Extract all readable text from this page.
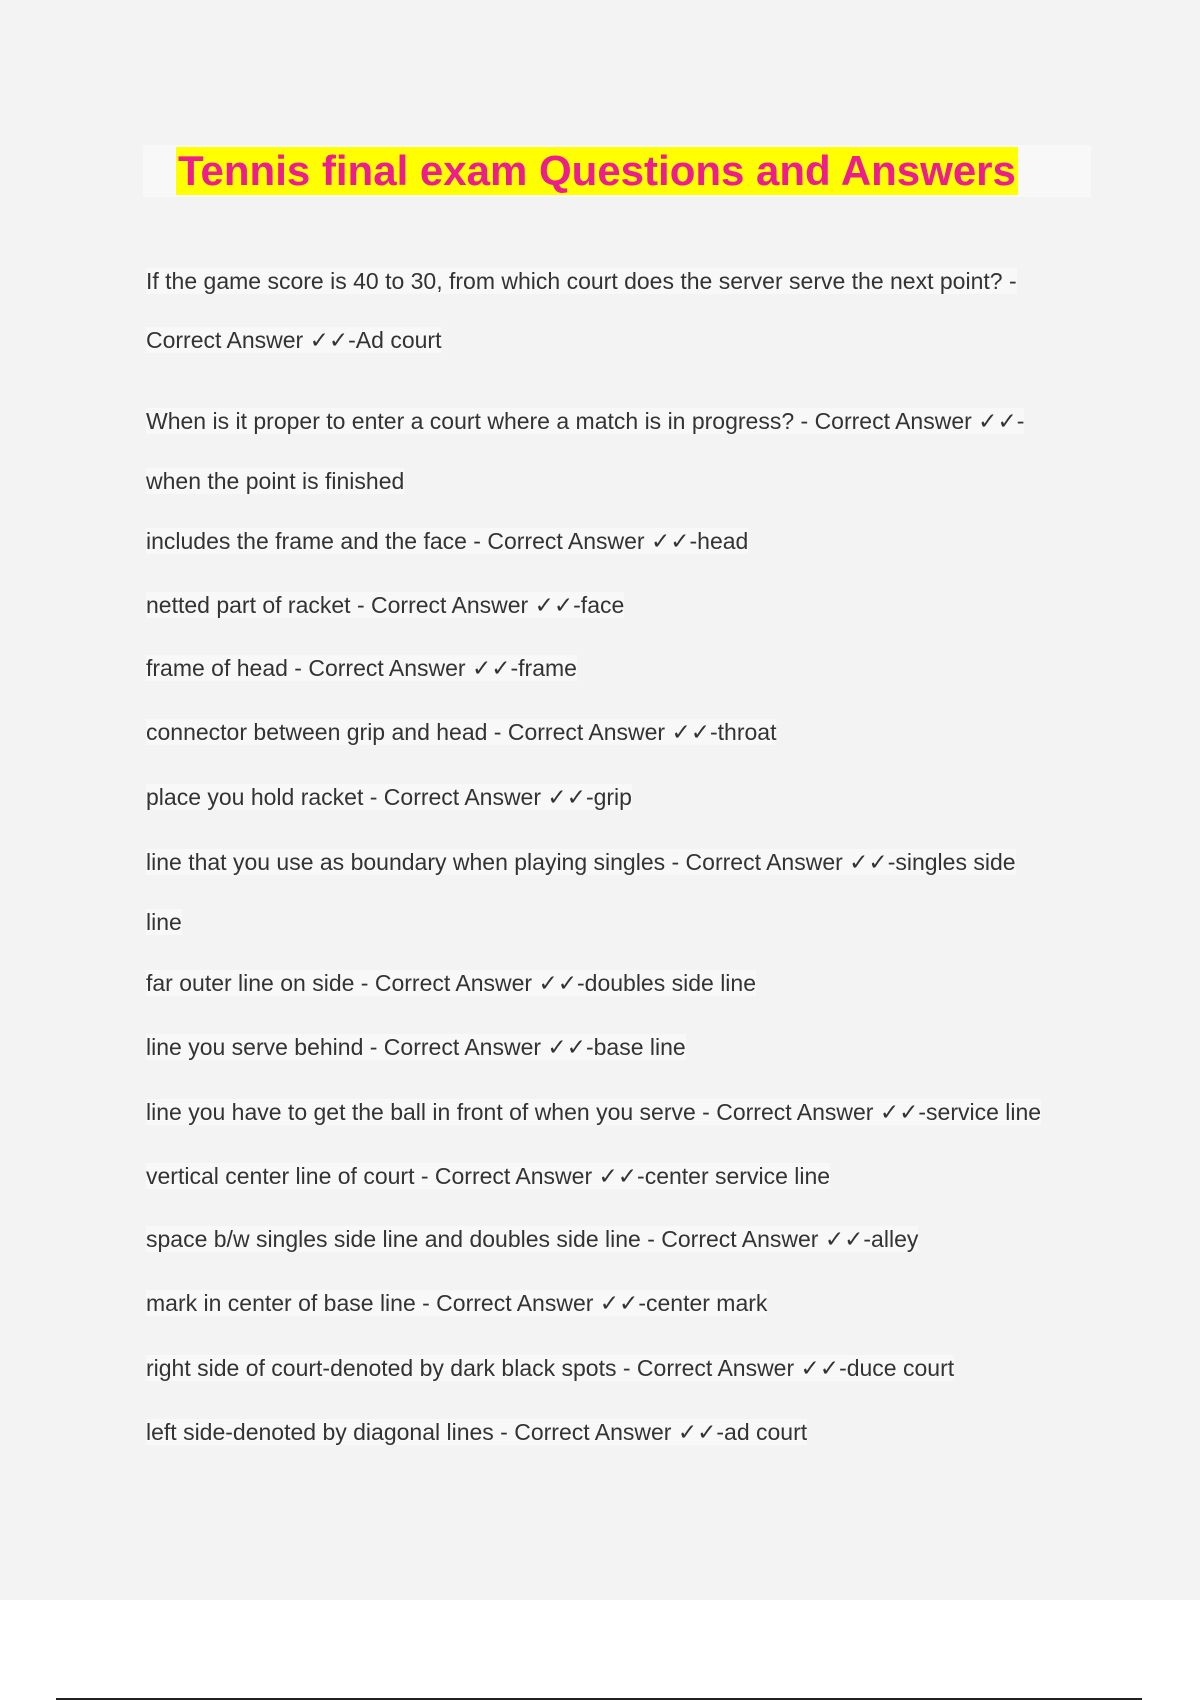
Tennis final exam Questions and Answers

If the game score is 40 to 30, from which court does the server serve the next point? -

Correct Answer ✓✓-Ad court

When is it proper to enter a court where a match is in progress? - Correct Answer ✓✓-

when the point is finished

includes the frame and the face - Correct Answer ✓✓-head

netted part of racket - Correct Answer ✓✓-face

frame of head - Correct Answer ✓✓-frame

connector between grip and head - Correct Answer ✓✓-throat

place you hold racket - Correct Answer ✓✓-grip

line that you use as boundary when playing singles - Correct Answer ✓✓-singles side

line

far outer line on side - Correct Answer ✓✓-doubles side line

line you serve behind - Correct Answer ✓✓-base line

line you have to get the ball in front of when you serve - Correct Answer ✓✓-service line

vertical center line of court - Correct Answer ✓✓-center service line

space b/w singles side line and doubles side line - Correct Answer ✓✓-alley

mark in center of base line - Correct Answer ✓✓-center mark

right side of court-denoted by dark black spots - Correct Answer ✓✓-duce court

left side-denoted by diagonal lines - Correct Answer ✓✓-ad court
